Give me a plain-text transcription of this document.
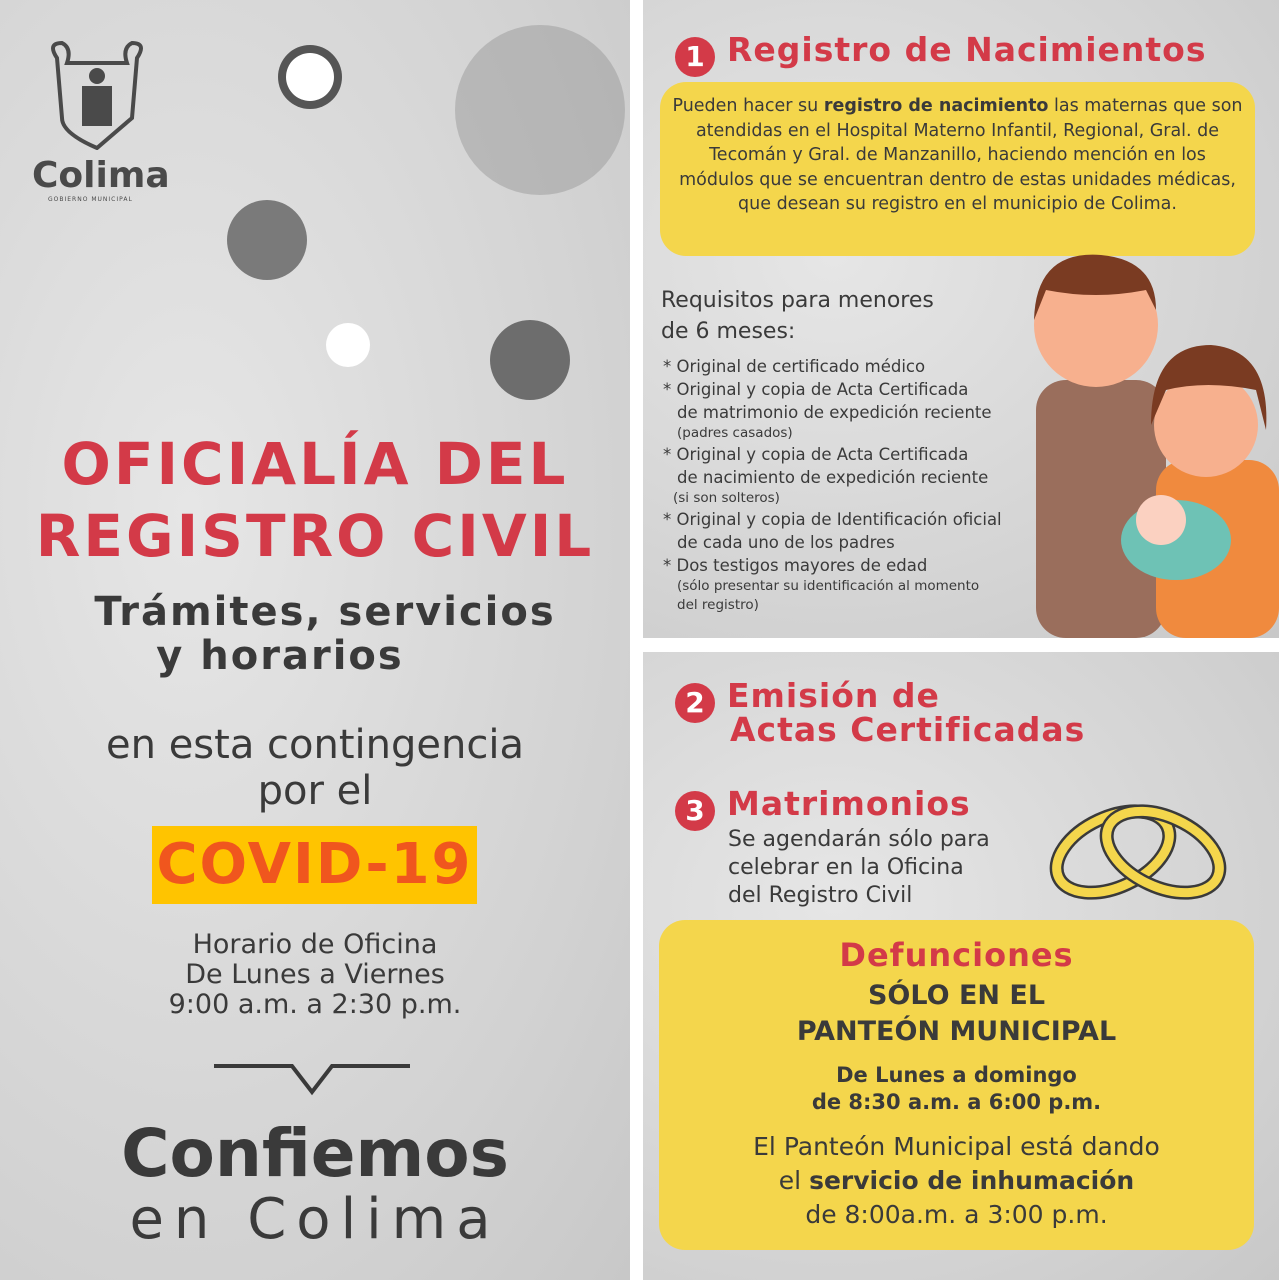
Colima
GOBIERNO MUNICIPAL
OFICIALÍA DEL
REGISTRO CIVIL
Trámites, servicios
y horarios
en esta contingencia
por el
COVID-19
Horario de Oficina
De Lunes a Viernes
9:00 a.m. a 2:30 p.m.
Confiemos
en Colima
1 Registro de Nacimientos
Pueden hacer su registro de nacimiento las maternas que son atendidas en el Hospital Materno Infantil, Regional, Gral. de Tecomán y Gral. de Manzanillo, haciendo mención en los módulos que se encuentran dentro de estas unidades médicas, que desean su registro en el municipio de Colima.
Requisitos para menores
de 6 meses:
* Original de certificado médico
* Original y copia de Acta Certificada
de matrimonio de expedición reciente
(padres casados)
* Original y copia de Acta Certificada
de nacimiento de expedición reciente
(si son solteros)
* Original y copia de Identificación oficial
de cada uno de los padres
* Dos testigos mayores de edad
(sólo presentar su identificación al momento
del registro)
2 Emisión de
Actas Certificadas
3 Matrimonios
Se agendarán sólo para
celebrar en la Oficina
del Registro Civil
Defunciones
SÓLO EN EL
PANTEÓN MUNICIPAL
De Lunes a domingo
de 8:30 a.m. a 6:00 p.m.
El Panteón Municipal está dando
el servicio de inhumación
de 8:00a.m. a 3:00 p.m.
